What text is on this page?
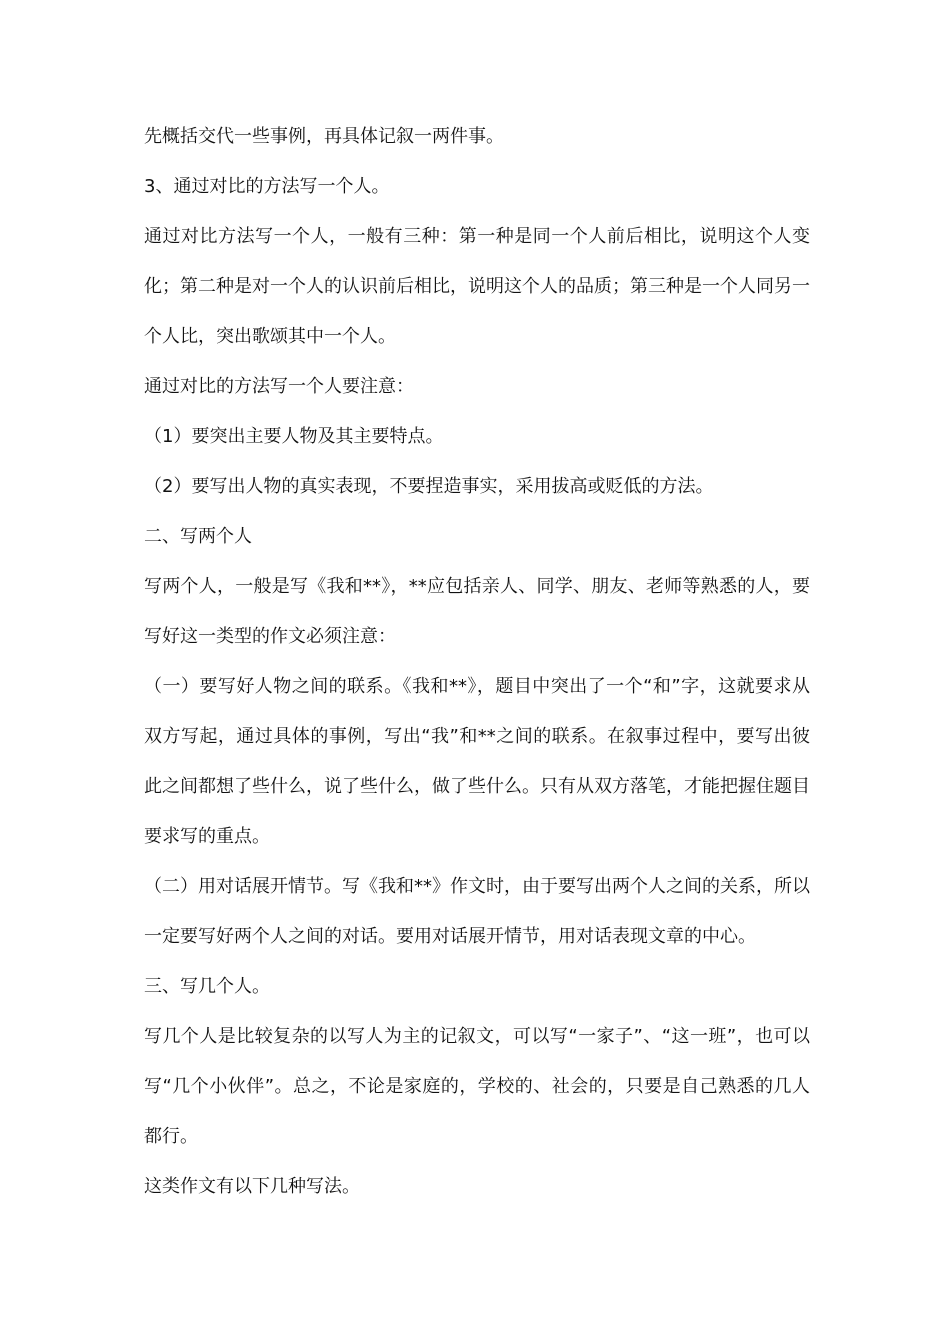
先概括交代一些事例，再具体记叙一两件事。

3、通过对比的方法写一个人。

通过对比方法写一个人，一般有三种：第一种是同一个人前后相比，说明这个人变化；第二种是对一个人的认识前后相比，说明这个人的品质；第三种是一个人同另一个人比，突出歌颂其中一个人。

通过对比的方法写一个人要注意：

（1）要突出主要人物及其主要特点。

（2）要写出人物的真实表现，不要捏造事实，采用拔高或贬低的方法。

二、写两个人

写两个人，一般是写《我和**》，**应包括亲人、同学、朋友、老师等熟悉的人，要写好这一类型的作文必须注意：

（一）要写好人物之间的联系。《我和**》，题目中突出了一个“和”字，这就要求从双方写起，通过具体的事例，写出“我”和**之间的联系。在叙事过程中，要写出彼此之间都想了些什么，说了些什么，做了些什么。只有从双方落笔，才能把握住题目要求写的重点。

（二）用对话展开情节。写《我和**》作文时，由于要写出两个人之间的关系，所以一定要写好两个人之间的对话。要用对话展开情节，用对话表现文章的中心。

三、写几个人。

写几个人是比较复杂的以写人为主的记叙文，可以写“一家子”、“这一班”，也可以写“几个小伙伴”。总之，不论是家庭的，学校的、社会的，只要是自己熟悉的几人都行。

这类作文有以下几种写法。
